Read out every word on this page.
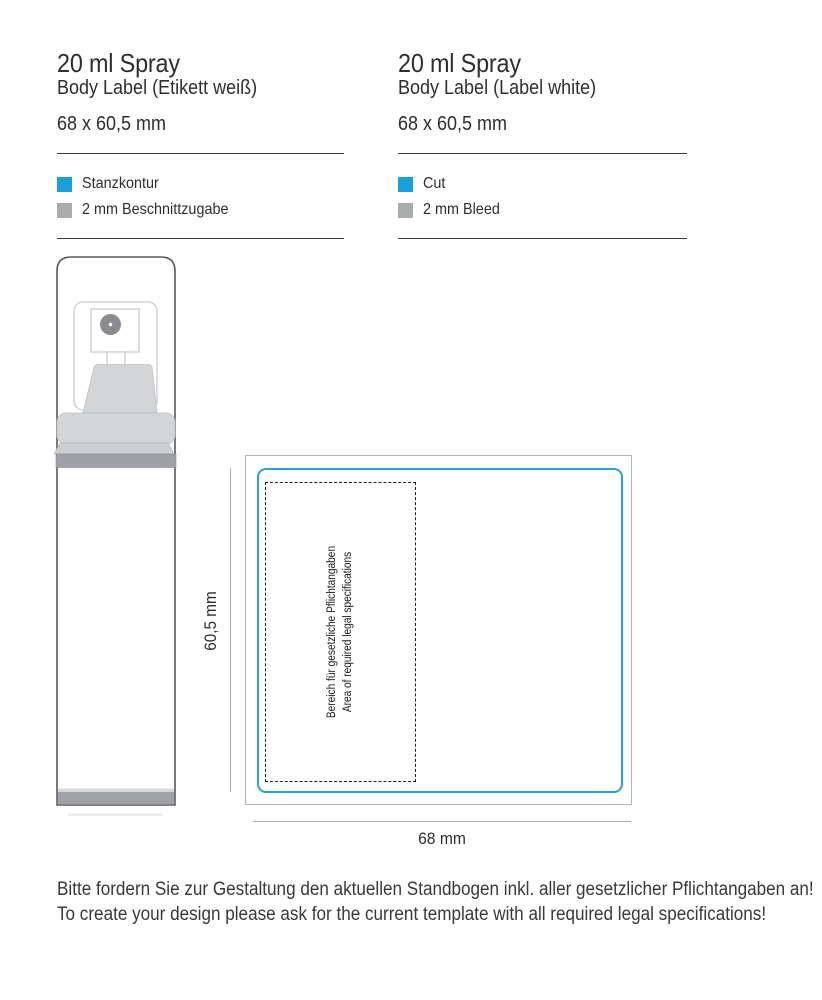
20 ml Spray
Body Label (Etikett weiß)
68 x 60,5 mm
Stanzkontur
2 mm Beschnittzugabe
20 ml Spray
Body Label (Label white)
68 x 60,5 mm
Cut
2 mm Bleed
Bereich für gesetzliche Pflichtangaben Area of required legal specifications
60,5 mm
68 mm
Bitte fordern Sie zur Gestaltung den aktuellen Standbogen inkl. aller gesetzlicher Pflichtangaben an!
To create your design please ask for the current template with all required legal specifications!
